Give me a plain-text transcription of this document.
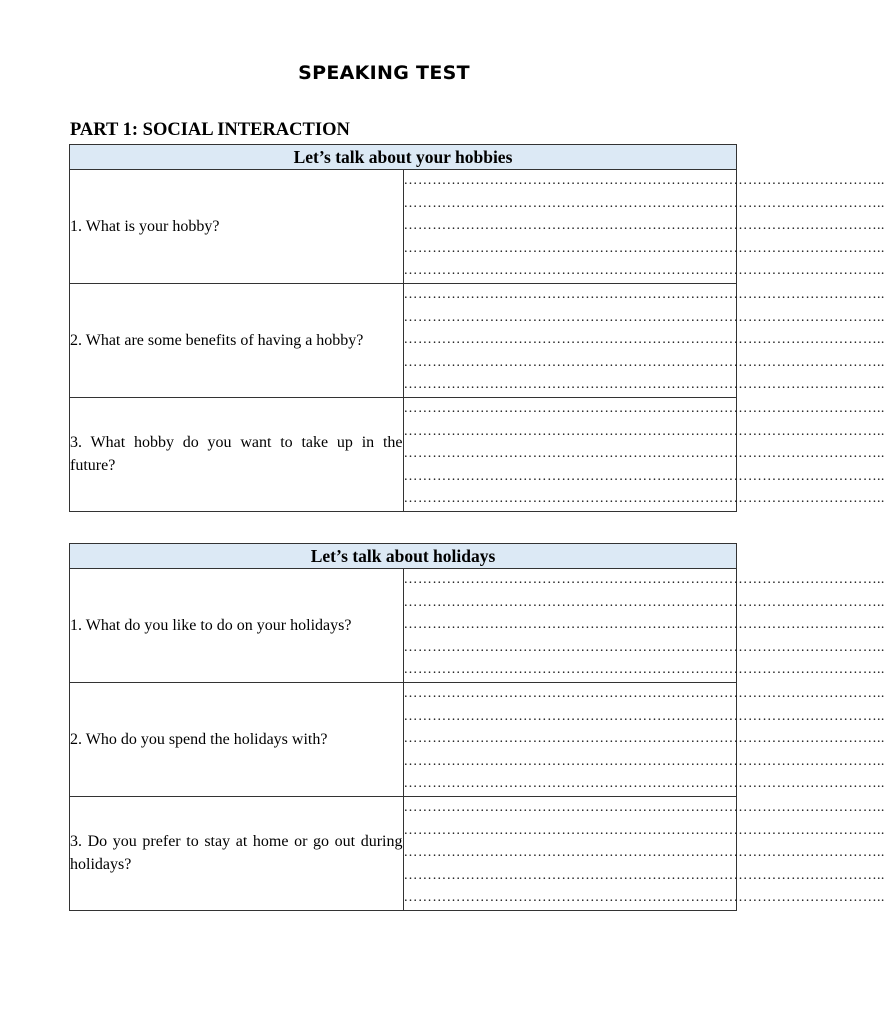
SPEAKING TEST
PART 1: SOCIAL INTERACTION
Let’s talk about your hobbies	

1. What is your hobby?	………………………………………………………………………………………..
………………………………………………………………………………………..
………………………………………………………………………………………..
………………………………………………………………………………………..
………………………………………………………………………………………..

2. What are some benefits of having a hobby?	………………………………………………………………………………………..
………………………………………………………………………………………..
………………………………………………………………………………………..
………………………………………………………………………………………..
………………………………………………………………………………………..

3. What hobby do you want to take up in the future?	………………………………………………………………………………………..
………………………………………………………………………………………..
………………………………………………………………………………………..
………………………………………………………………………………………..
………………………………………………………………………………………..
Let’s talk about holidays	

1. What do you like to do on your holidays?	………………………………………………………………………………………..
………………………………………………………………………………………..
………………………………………………………………………………………..
………………………………………………………………………………………..
………………………………………………………………………………………..

2. Who do you spend the holidays with?	………………………………………………………………………………………..
………………………………………………………………………………………..
………………………………………………………………………………………..
………………………………………………………………………………………..
………………………………………………………………………………………..

3. Do you prefer to stay at home or go out during holidays?	………………………………………………………………………………………..
………………………………………………………………………………………..
………………………………………………………………………………………..
………………………………………………………………………………………..
………………………………………………………………………………………..
